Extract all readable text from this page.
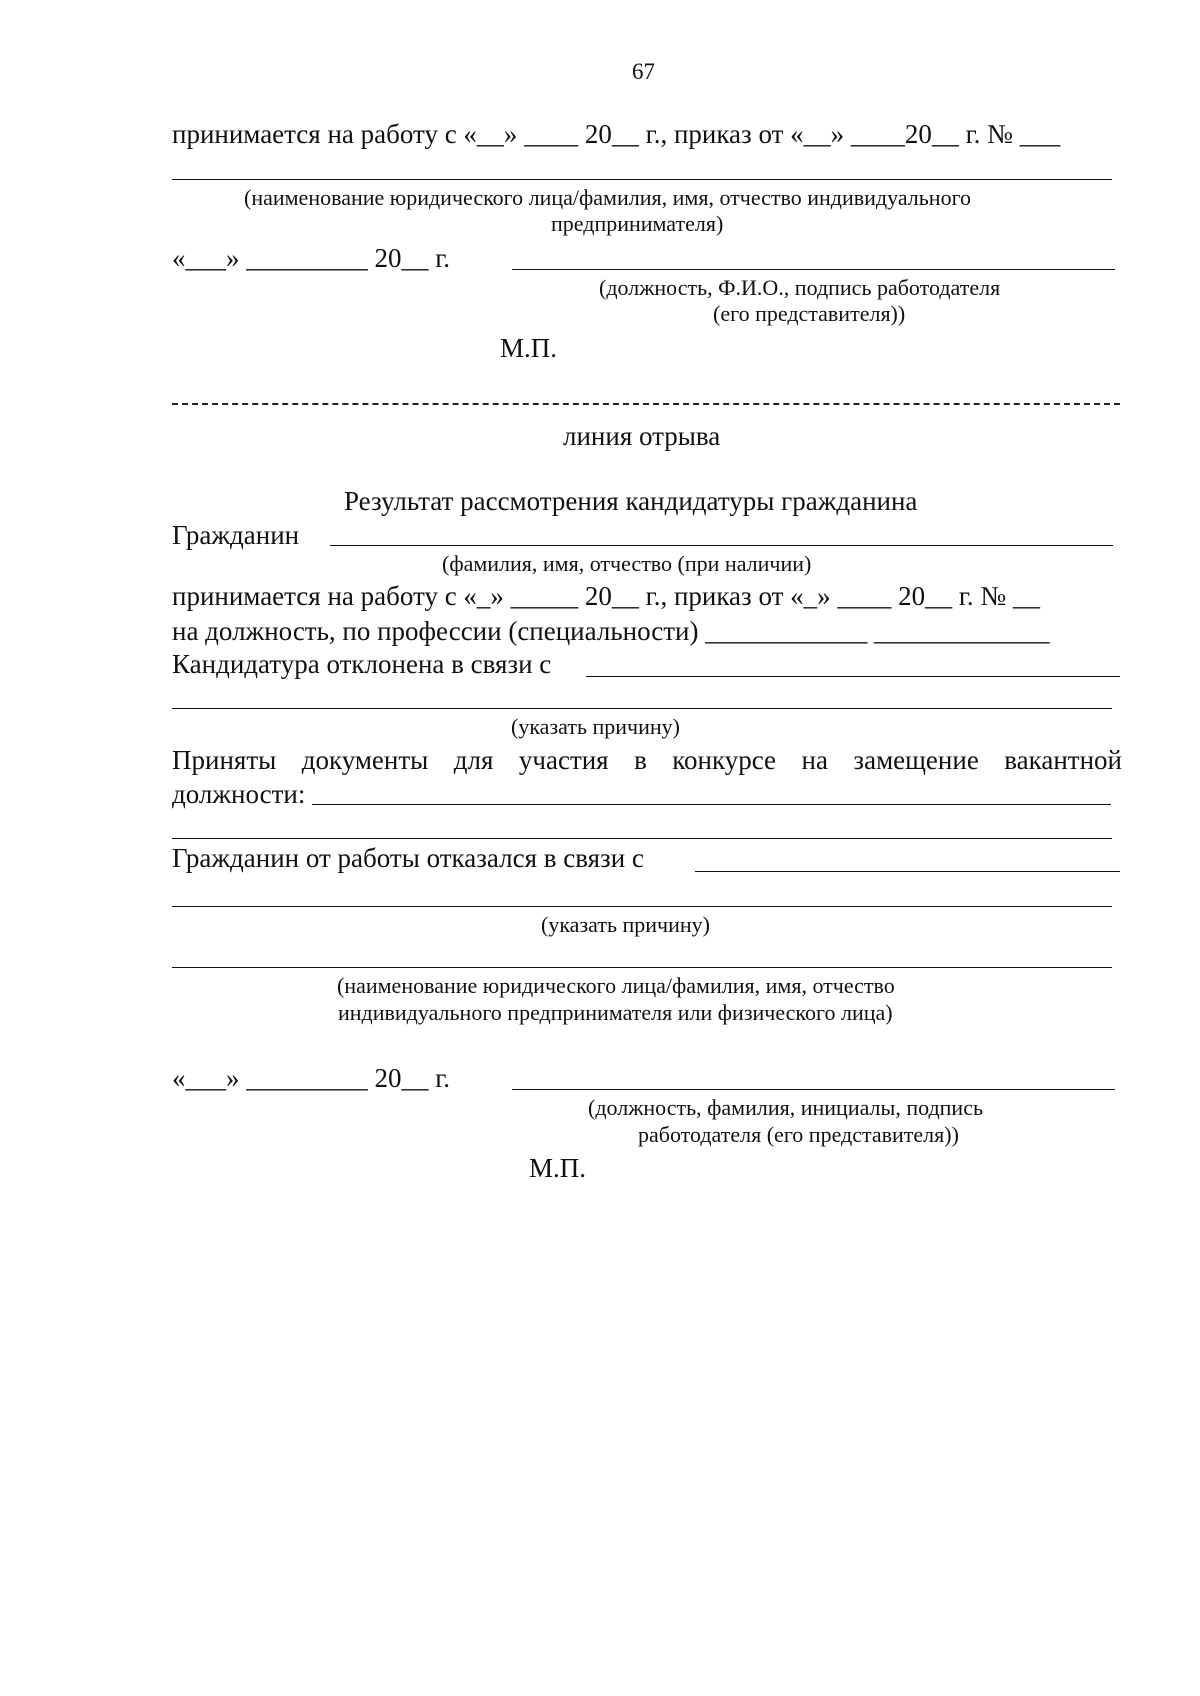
67
принимается на работу с «__» ____ 20__ г., приказ от «__» ____20__ г. № ___
(наименование юридического лица/фамилия, имя, отчество индивидуального
предпринимателя)
«___» _________ 20__ г.
(должность, Ф.И.О., подпись работодателя
(его представителя))
М.П.
линия отрыва
Результат рассмотрения кандидатуры гражданина
Гражданин
(фамилия, имя, отчество (при наличии)
принимается на работу с «_» _____ 20__ г., приказ от «_» ____ 20__ г. № __
на должность, по профессии (специальности) ____________ _____________
Кандидатура отклонена в связи с
(указать причину)
Приняты документы для участия в конкурсе на замещение вакантной
должности:
Гражданин от работы отказался в связи с
(указать причину)
(наименование юридического лица/фамилия, имя, отчество
индивидуального предпринимателя или физического лица)
«___» _________ 20__ г.
(должность, фамилия, инициалы, подпись
работодателя (его представителя))
М.П.
